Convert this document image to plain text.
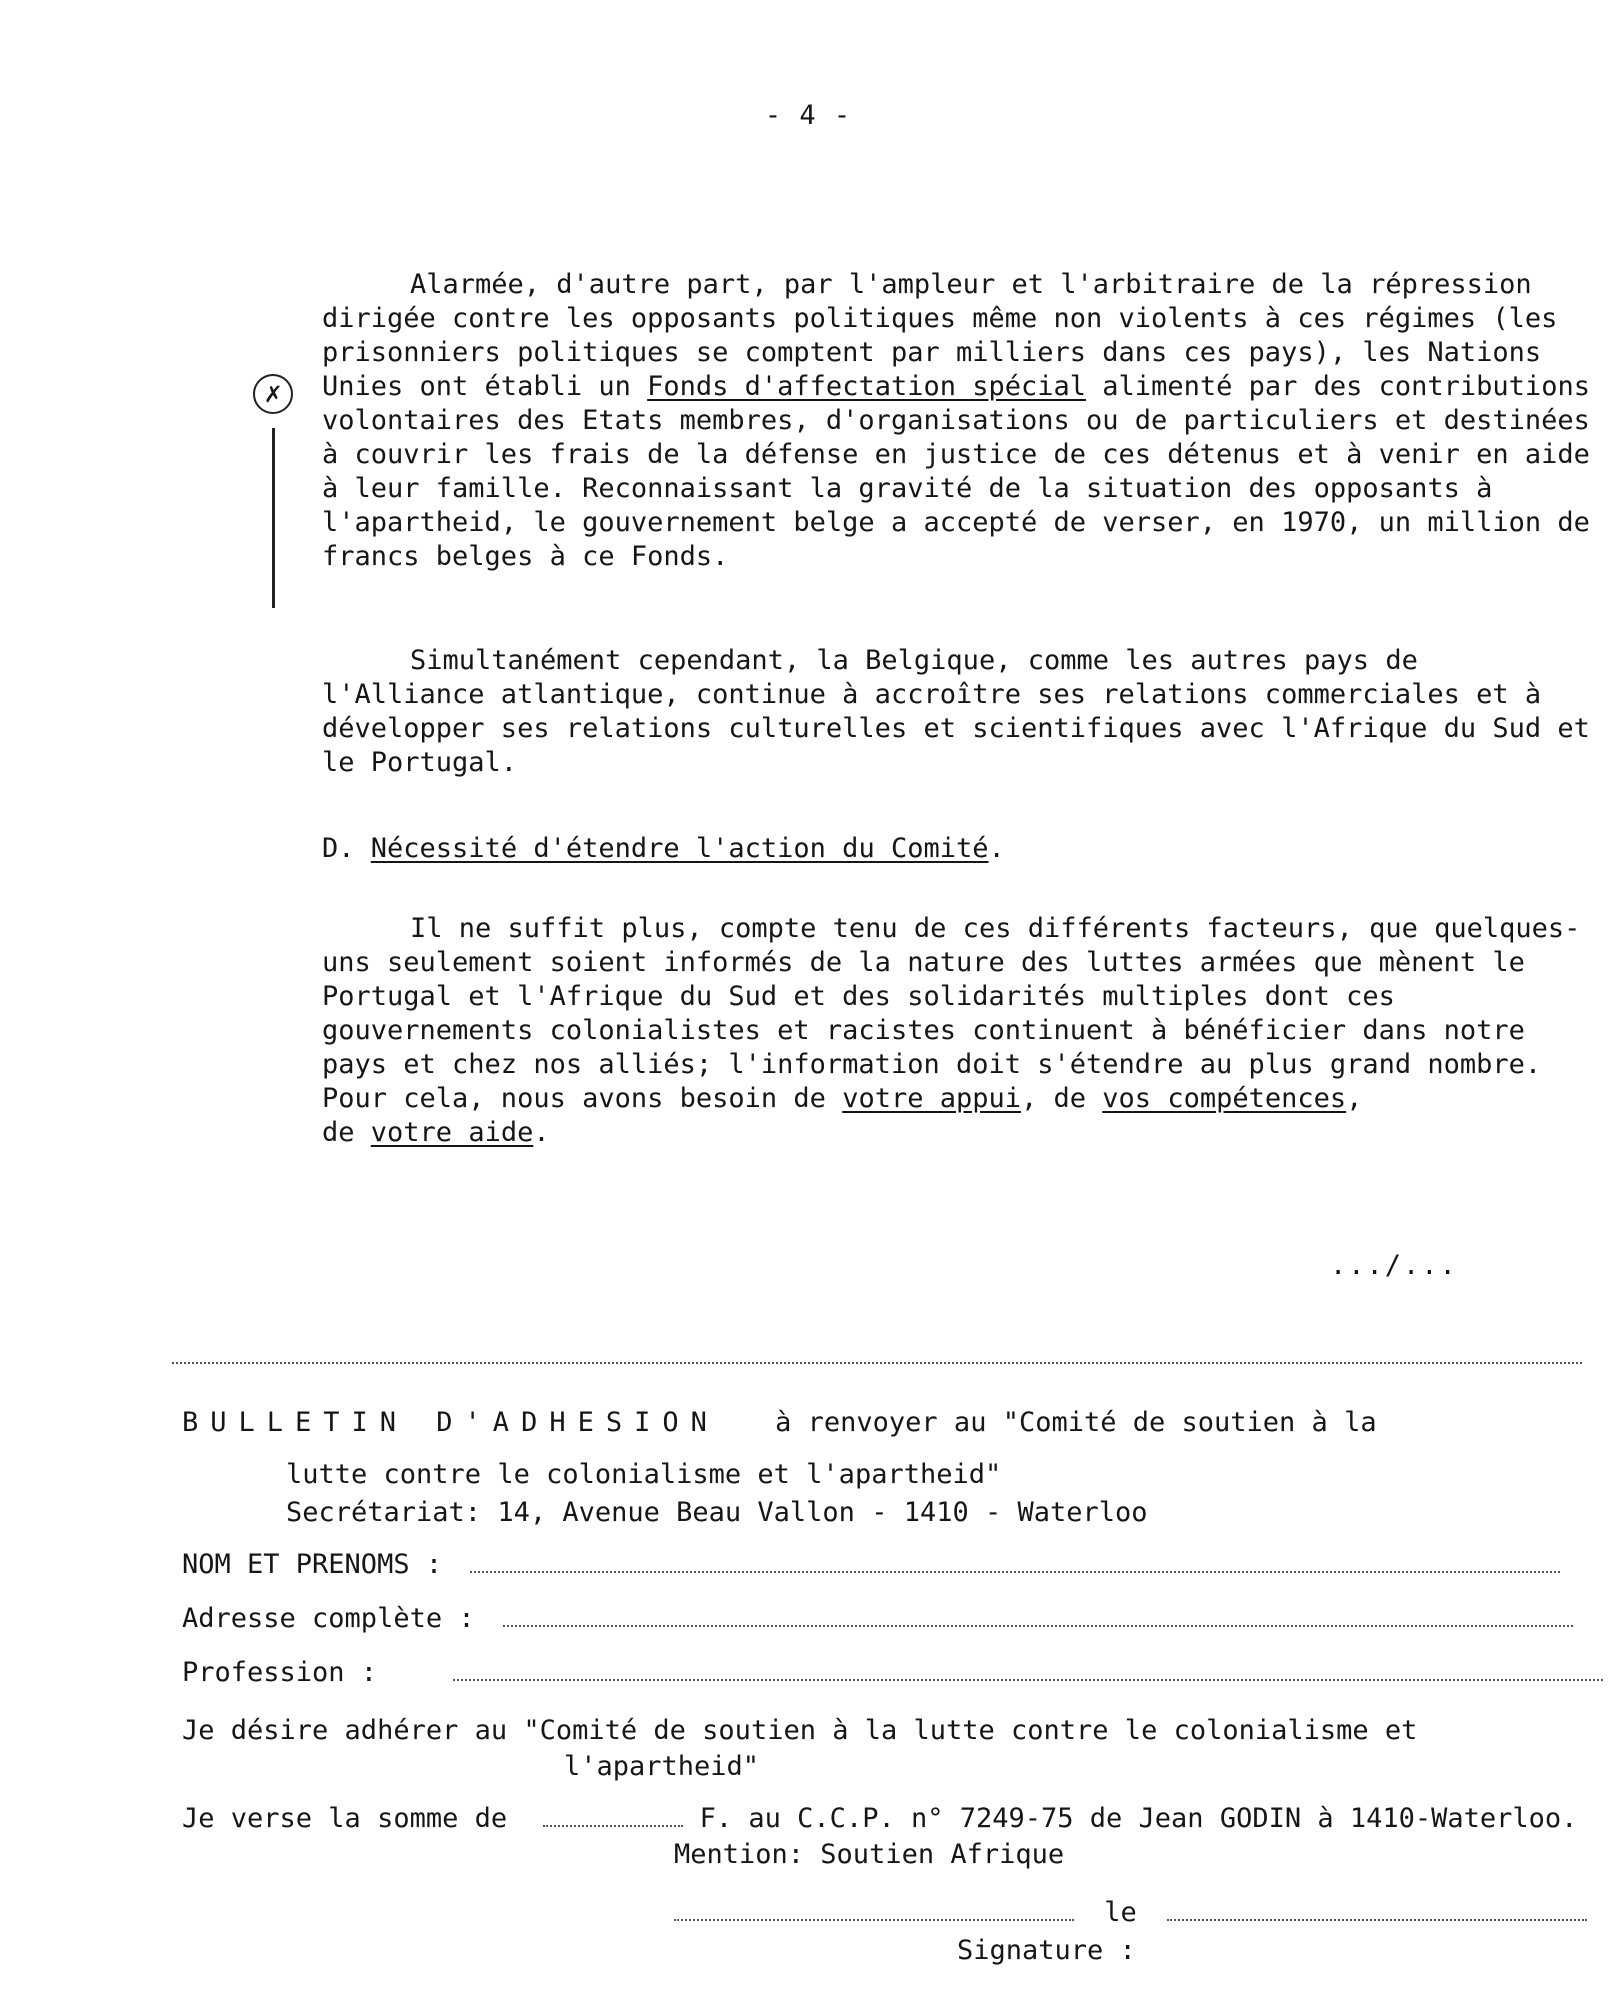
- 4 -
✗

Alarmée, d'autre part, par l'ampleur et l'arbitraire de la répression dirigée contre les opposants politiques même non violents à ces régimes (les prisonniers politiques se comptent par milliers dans ces pays), les Nations Unies ont établi un Fonds d'affectation spécial alimenté par des contributions volontaires des Etats membres, d'organisations ou de particuliers et destinées à couvrir les frais de la défense en justice de ces détenus et à venir en aide à leur famille. Reconnaissant la gravité de la situation des opposants à l'apartheid, le gouvernement belge a accepté de verser, en 1970, un million de francs belges à ce Fonds.

Simultanément cependant, la Belgique, comme les autres pays de l'Alliance atlantique, continue à accroître ses relations commerciales et à développer ses relations culturelles et scientifiques avec l'Afrique du Sud et le Portugal.

D. Nécessité d'étendre l'action du Comité.

Il ne suffit plus, compte tenu de ces différents facteurs, que quelques-uns seulement soient informés de la nature des luttes armées que mènent le Portugal et l'Afrique du Sud et des solidarités multiples dont ces gouvernements colonialistes et racistes continuent à bénéficier dans notre pays et chez nos alliés; l'information doit s'étendre au plus grand nombre.

Pour cela, nous avons besoin de votre appui, de vos compétences,
de votre aide.

.../...
BULLETIN D'ADHESION à renvoyer au "Comité de soutien à la
lutte contre le colonialisme et l'apartheid"
Secrétariat: 14, Avenue Beau Vallon - 1410 - Waterloo
NOM ET PRENOMS :
Adresse complète :
Profession :
Je désire adhérer au "Comité de soutien à la lutte contre le colonialisme et
l'apartheid"
Je verse la somme de	F. au C.C.P. n° 7249-75 de Jean GODIN à 1410-Waterloo.
Mention: Soutien Afrique
le
Signature :
